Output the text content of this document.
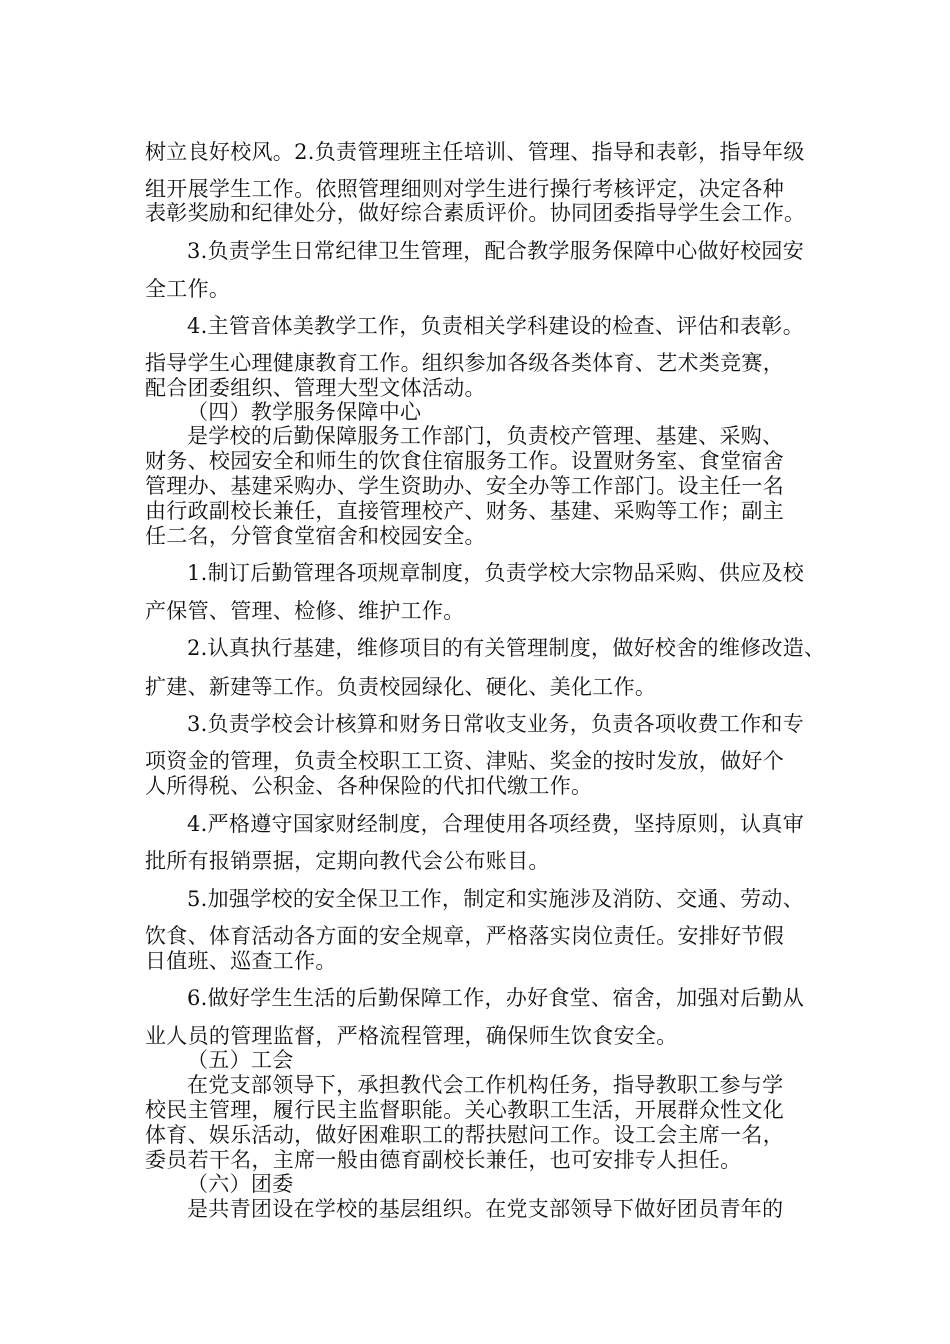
树立良好校风。2.负责管理班主任培训、管理、指导和表彰，指导年级
组开展学生工作。依照管理细则对学生进行操行考核评定，决定各种
表彰奖励和纪律处分，做好综合素质评价。协同团委指导学生会工作。
3.负责学生日常纪律卫生管理，配合教学服务保障中心做好校园安
全工作。
4.主管音体美教学工作，负责相关学科建设的检查、评估和表彰。
指导学生心理健康教育工作。组织参加各级各类体育、艺术类竞赛，
配合团委组织、管理大型文体活动。
（四）教学服务保障中心
是学校的后勤保障服务工作部门，负责校产管理、基建、采购、
财务、校园安全和师生的饮食住宿服务工作。设置财务室、食堂宿舍
管理办、基建采购办、学生资助办、安全办等工作部门。设主任一名
由行政副校长兼任，直接管理校产、财务、基建、采购等工作；副主
任二名，分管食堂宿舍和校园安全。
1.制订后勤管理各项规章制度，负责学校大宗物品采购、供应及校
产保管、管理、检修、维护工作。
2.认真执行基建，维修项目的有关管理制度，做好校舍的维修改造、
扩建、新建等工作。负责校园绿化、硬化、美化工作。
3.负责学校会计核算和财务日常收支业务，负责各项收费工作和专
项资金的管理，负责全校职工工资、津贴、奖金的按时发放，做好个
人所得税、公积金、各种保险的代扣代缴工作。
4.严格遵守国家财经制度，合理使用各项经费，坚持原则，认真审
批所有报销票据，定期向教代会公布账目。
5.加强学校的安全保卫工作，制定和实施涉及消防、交通、劳动、
饮食、体育活动各方面的安全规章，严格落实岗位责任。安排好节假
日值班、巡查工作。
6.做好学生生活的后勤保障工作，办好食堂、宿舍，加强对后勤从
业人员的管理监督，严格流程管理，确保师生饮食安全。
（五）工会
在党支部领导下，承担教代会工作机构任务，指导教职工参与学
校民主管理，履行民主监督职能。关心教职工生活，开展群众性文化
体育、娱乐活动，做好困难职工的帮扶慰问工作。设工会主席一名，
委员若干名，主席一般由德育副校长兼任，也可安排专人担任。
（六）团委
是共青团设在学校的基层组织。在党支部领导下做好团员青年的
